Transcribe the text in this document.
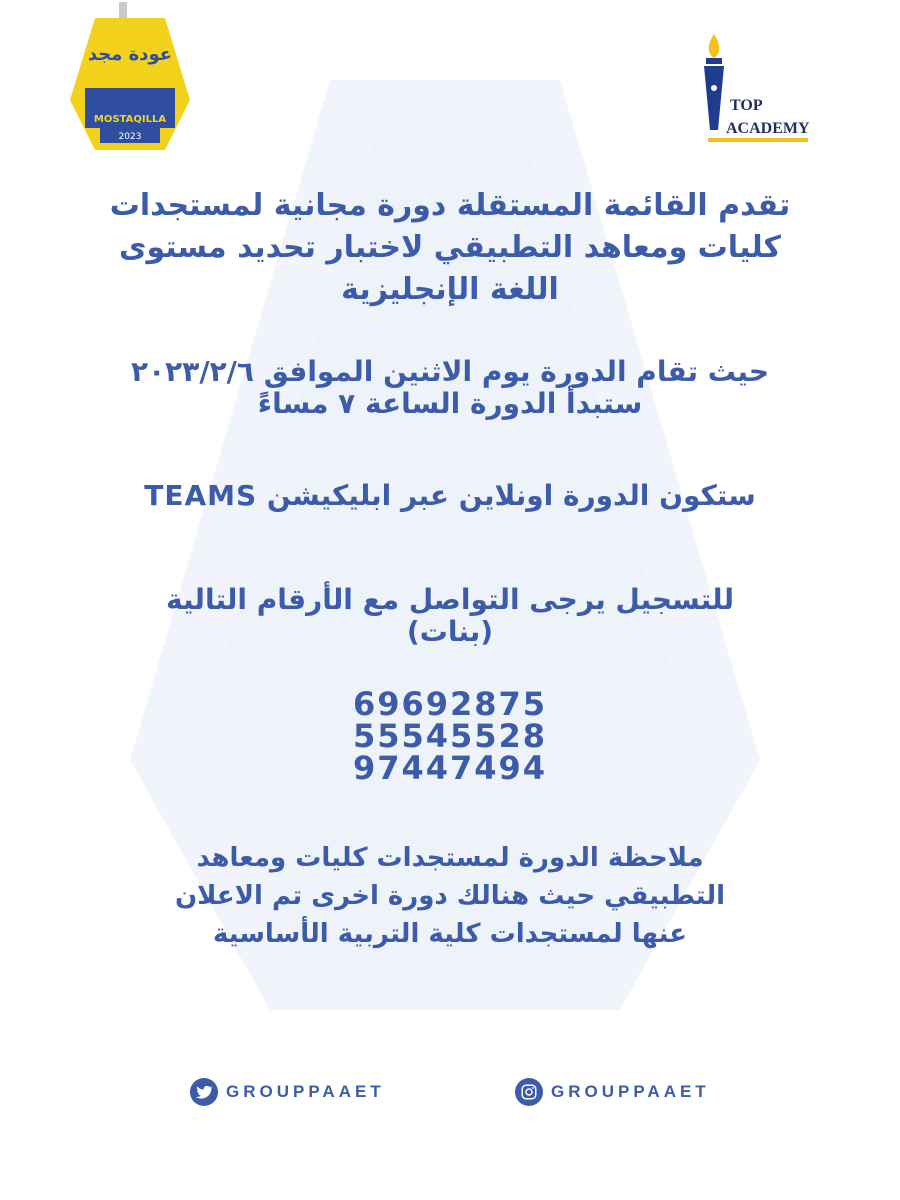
عودة مجد
MOSTAQILLA
2023
TOP
ACADEMY
تقدم القائمة المستقلة دورة مجانية لمستجدات
كليات ومعاهد التطبيقي لاختبار تحديد مستوى
اللغة الإنجليزية
حيث تقام الدورة يوم الاثنين الموافق ٢٠٢٣/٢/٦
ستبدأ الدورة الساعة ٧ مساءً
ستكون الدورة اونلاين عبر ابليكيشن TEAMS
للتسجيل يرجى التواصل مع الأرقام التالية
(بنات)
69692875
55545528
97447494
ملاحظة الدورة لمستجدات كليات ومعاهد
التطبيقي حيث هنالك دورة اخرى تم الاعلان
عنها لمستجدات كلية التربية الأساسية
GROUPPAAET	GROUPPAAET
